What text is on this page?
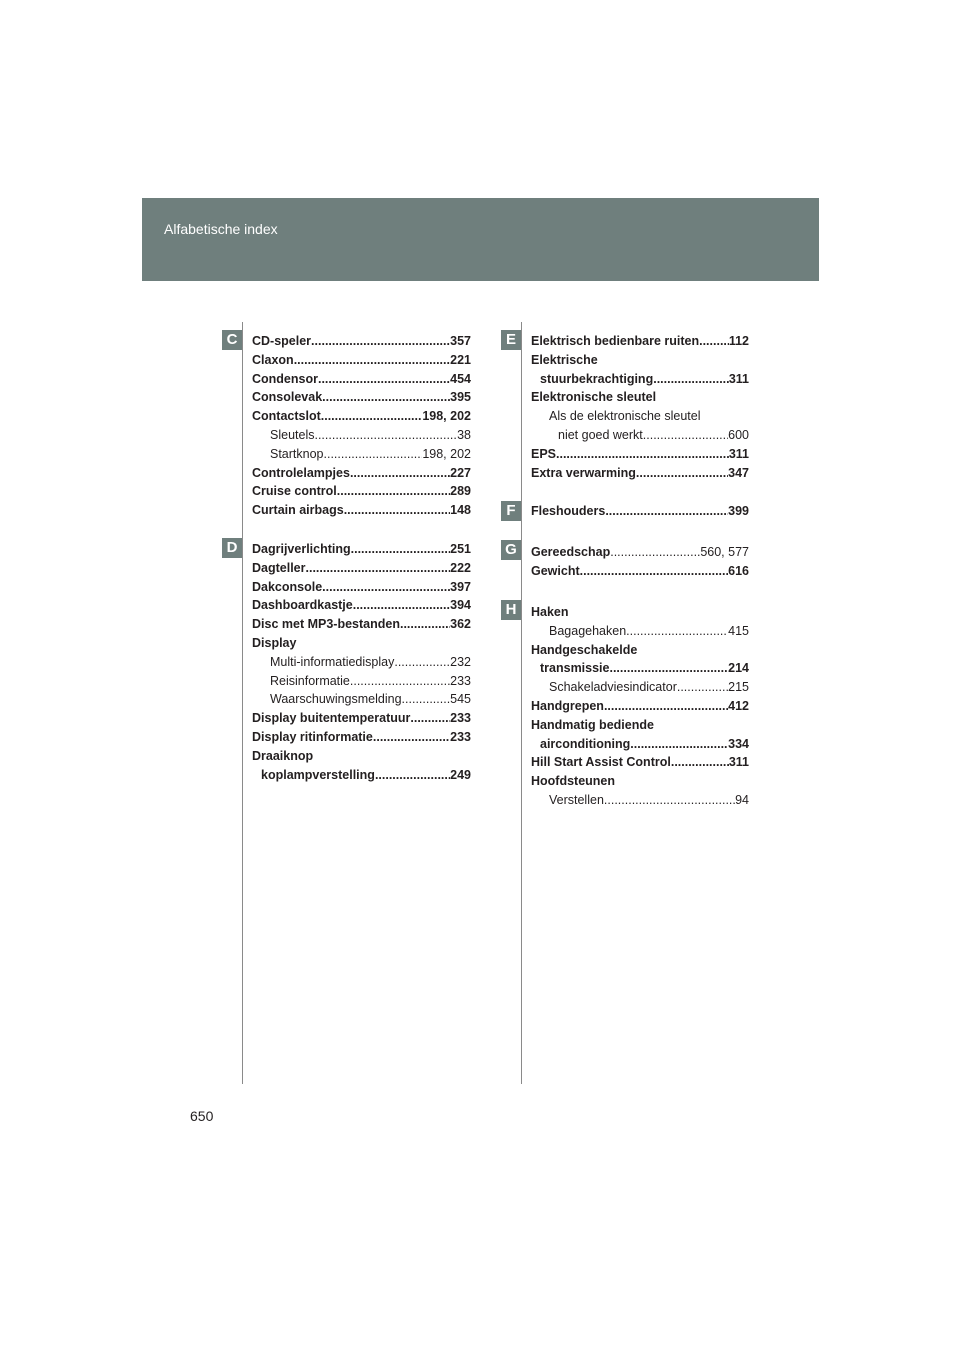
Alfabetische index
C
D
E
F
G
H
CD-speler .....	357
Claxon .....	221
Condensor .....	454
Consolevak .....	395
Contactslot .....	198, 202
Sleutels .....	38
Startknop .....	198, 202
Controlelampjes .....	227
Cruise control .....	289
Curtain airbags .....	148
Dagrijverlichting .....	251
Dagteller .....	222
Dakconsole .....	397
Dashboardkastje .....	394
Disc met MP3-bestanden .....	362
Display
Multi-informatiedisplay .....	232
Reisinformatie .....	233
Waarschuwingsmelding .....	545
Display buitentemperatuur .....	233
Display ritinformatie .....	233
Draaiknop
koplampverstelling .....	249
Elektrisch bedienbare ruiten ..... 112
Elektrische
stuurbekrachtiging .....	311
Elektronische sleutel
Als de elektronische sleutel
niet goed werkt .....	600
EPS .....	311
Extra verwarming .....	347
Fleshouders .....	399
Gereedschap .....	560, 577
Gewicht .....	616
Haken
Bagagehaken .....	415
Handgeschakelde
transmissie .....	214
Schakeladviesindicator .....	215
Handgrepen .....	412
Handmatig bediende
airconditioning .....	334
Hill Start Assist Control .....	311
Hoofdsteunen
Verstellen .....	94
650
